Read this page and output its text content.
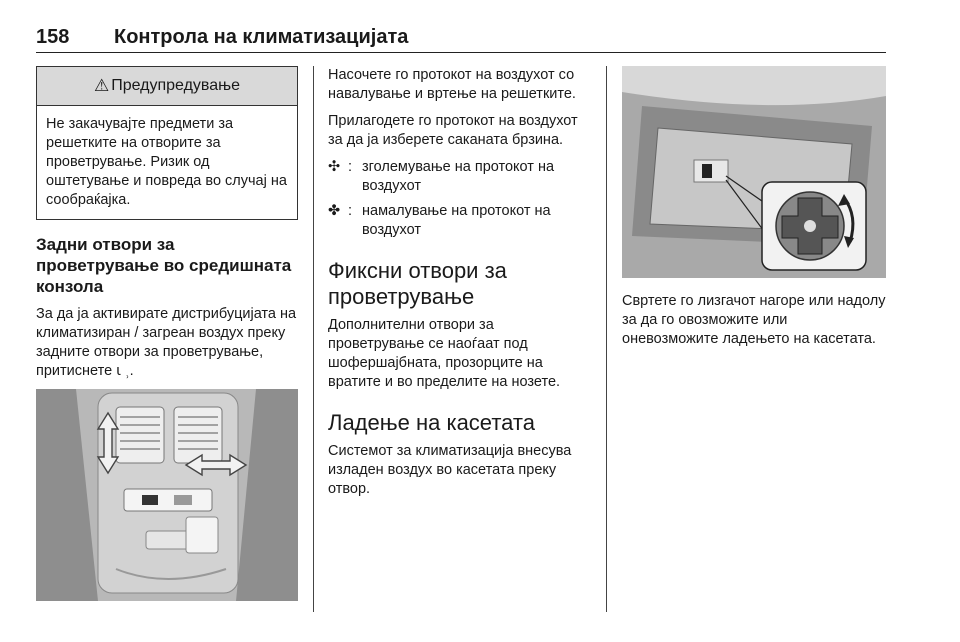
158 Контрола на климатизацијата
⚠ Предупредување
Не закачувајте предмети за решетките на отворите за проветрување. Ризик од оштетување и повреда во случај на сообраќајка.
Задни отвори за проветрување во средишната конзола

За да ја активирате дистрибуцијата на климатизиран / загреан воздух преку задните отвори за проветрување, притиснете ꙇ ⸒.

Насочете го протокот на воздухот со навалување и вртење на решетките.

Прилагодете го протокот на воздухот за да ја изберете саканата брзина.

✣ : зголемување на протокот на воздухот
✤ : намалување на протокот на воздухот
Фиксни отвори за проветрување

Дополнителни отвори за проветрување се наоѓаат под шофершајбната, прозорците на вратите и во пределите на нозете.

Ладење на касетата

Системот за климатизација внесува изладен воздух во касетата преку отвор.

Свртете го лизгачот нагоре или надолу за да го овозможите или оневозможите ладењето на касетата.
